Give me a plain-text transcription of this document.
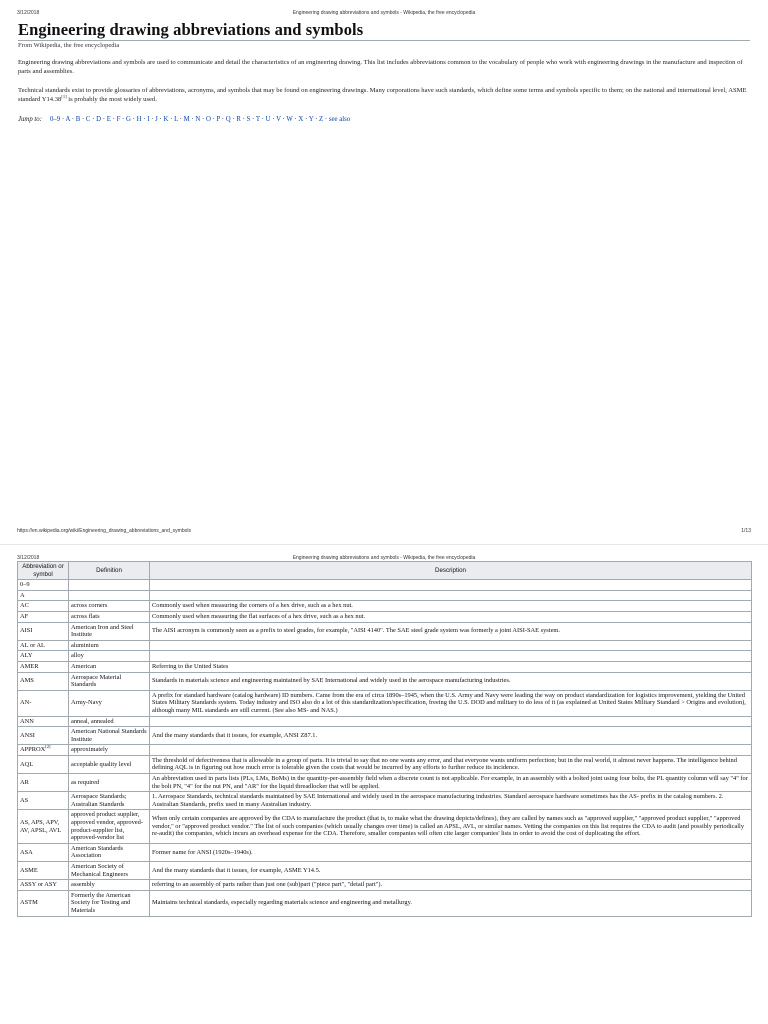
3/12/2018	Engineering drawing abbreviations and symbols - Wikipedia, the free encyclopedia
Engineering drawing abbreviations and symbols
From Wikipedia, the free encyclopedia
Engineering drawing abbreviations and symbols are used to communicate and detail the characteristics of an engineering drawing. This list includes abbreviations common to the vocabulary of people who work with engineering drawings in the manufacture and inspection of parts and assemblies.
Technical standards exist to provide glossaries of abbreviations, acronyms, and symbols that may be found on engineering drawings. Many corporations have such standards, which define some terms and symbols specific to them; on the national and international level, ASME standard Y14.38[1] is probably the most widely used.
Jump to: 0–9 · A · B · C · D · E · F · G · H · I · J · K · L · M · N · O · P · Q · R · S · T · U · V · W · X · Y · Z · see also
https://en.wikipedia.org/wiki/Engineering_drawing_abbreviations_and_symbols	1/13
3/12/2018	Engineering drawing abbreviations and symbols - Wikipedia, the free encyclopedia
Abbreviation or symbol	Definition	Description
0–9		
A		
AC	across corners	Commonly used when measuring the corners of a hex drive, such as a hex nut.
AF	across flats	Commonly used when measuring the flat surfaces of a hex drive, such as a hex nut.
AISI	American Iron and Steel Institute	The AISI acronym is commonly seen as a prefix to steel grades, for example, "AISI 4140". The SAE steel grade system was formerly a joint AISI-SAE system.
AL or AL	aluminium	
ALY	alloy	
AMER	American	Referring to the United States
AMS	Aerospace Material Standards	Standards in materials science and engineering maintained by SAE International and widely used in the aerospace manufacturing industries.
AN-	Army-Navy	A prefix for standard hardware (catalog hardware) ID numbers. Came from the era of circa 1890s–1945, when the U.S. Army and Navy were leading the way on product standardization for logistics improvement, yielding the United States Military Standards system. Today industry and ISO also do a lot of this standardization/specification, freeing the U.S. DOD and military to do less of it (as explained at United States Military Standard > Origins and evolution), although many MIL standards are still current. (See also MS- and NAS.)
ANN	anneal, annealed	
ANSI	American National Standards Institute	And the many standards that it issues, for example, ANSI Z87.1.
APPROX[2]	approximately	
AQL	acceptable quality level	The threshold of defectiveness that is allowable in a group of parts. It is trivial to say that no one wants any error, and that everyone wants uniform perfection; but in the real world, it almost never happens. The intelligence behind defining AQL is in figuring out how much error is tolerable given the costs that would be incurred by any efforts to further reduce its incidence.
AR	as required	An abbreviation used in parts lists (PLs, LMs, BoMs) in the quantity-per-assembly field when a discrete count is not applicable. For example, in an assembly with a bolted joint using four bolts, the PL quantity column will say "4" for the bolt PN, "4" for the nut PN, and "AR" for the liquid threadlocker that will be applied.
AS	Aerospace Standards; Australian Standards	1. Aerospace Standards, technical standards maintained by SAE International and widely used in the aerospace manufacturing industries. Standard aerospace hardware sometimes has the AS- prefix in the catalog numbers. 2. Australian Standards, prefix used in many Australian industry.
AS, APS, APV, AV, APSL, AVL	approved product supplier, approved vendor, approved-product-supplier list, approved-vendor list	When only certain companies are approved by the CDA to manufacture the product (that is, to make what the drawing depicts/defines), they are called by names such as "approved supplier," "approved product supplier," "approved vendor," or "approved product vendor." The list of such companies (which usually changes over time) is called an APSL, AVL, or similar names. Vetting the companies on this list requires the CDA to audit (and possibly periodically re-audit) the companies, which incurs an overhead expense for the CDA. Therefore, smaller companies will often cite larger companies' lists in order to avoid the cost of duplicating the effort.
ASA	American Standards Association	Former name for ANSI (1920s–1940s).
ASME	American Society of Mechanical Engineers	And the many standards that it issues, for example, ASME Y14.5.
ASSY or ASY	assembly	referring to an assembly of parts rather than just one (sub)part ("piece part", "detail part").
ASTM	Formerly the American Society for Testing and Materials	Maintains technical standards, especially regarding materials science and engineering and metallurgy.
